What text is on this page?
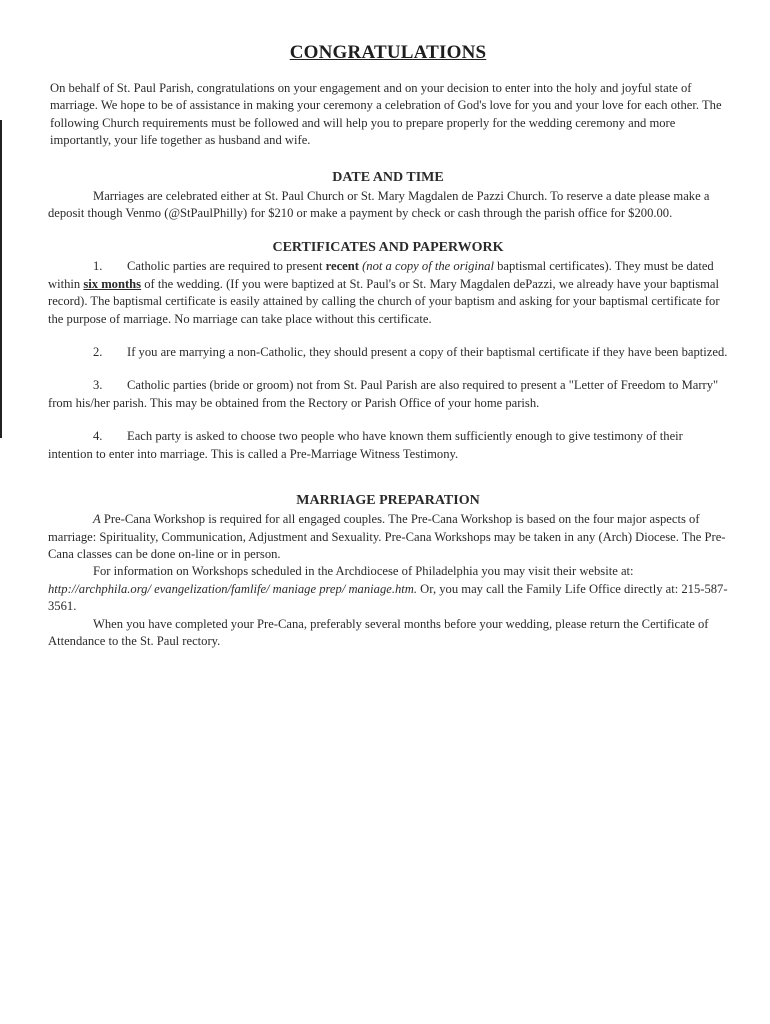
CONGRATULATIONS

On behalf of St. Paul Parish, congratulations on your engagement and on your decision to enter into the holy and joyful state of marriage. We hope to be of assistance in making your ceremony a celebration of God's love for you and your love for each other. The following Church requirements must be followed and will help you to prepare properly for the wedding ceremony and more importantly, your life together as husband and wife.

DATE AND TIME

Marriages are celebrated either at St. Paul Church or St. Mary Magdalen de Pazzi Church. To reserve a date please make a deposit though Venmo (@StPaulPhilly) for $210 or make a payment by check or cash through the parish office for $200.00.

CERTIFICATES AND PAPERWORK

1. Catholic parties are required to present recent (not a copy of the original baptismal certificates). They must be dated within six months of the wedding. (If you were baptized at St. Paul's or St. Mary Magdalen dePazzi, we already have your baptismal record). The baptismal certificate is easily attained by calling the church of your baptism and asking for your baptismal certificate for the purpose of marriage. No marriage can take place without this certificate.

2. If you are marrying a non-Catholic, they should present a copy of their baptismal certificate if they have been baptized.

3. Catholic parties (bride or groom) not from St. Paul Parish are also required to present a "Letter of Freedom to Marry" from his/her parish. This may be obtained from the Rectory or Parish Office of your home parish.

4. Each party is asked to choose two people who have known them sufficiently enough to give testimony of their intention to enter into marriage. This is called a Pre-Marriage Witness Testimony.

MARRIAGE PREPARATION

A Pre-Cana Workshop is required for all engaged couples. The Pre-Cana Workshop is based on the four major aspects of marriage: Spirituality, Communication, Adjustment and Sexuality. Pre-Cana Workshops may be taken in any (Arch) Diocese. The Pre-Cana classes can be done on-line or in person.

For information on Workshops scheduled in the Archdiocese of Philadelphia you may visit their website at:
http://archphila.org/ evangelization/famlife/ maniage prep/ maniage.htm. Or, you may call the Family Life Office directly at: 215-587-3561.

When you have completed your Pre-Cana, preferably several months before your wedding, please return the Certificate of Attendance to the St. Paul rectory.
